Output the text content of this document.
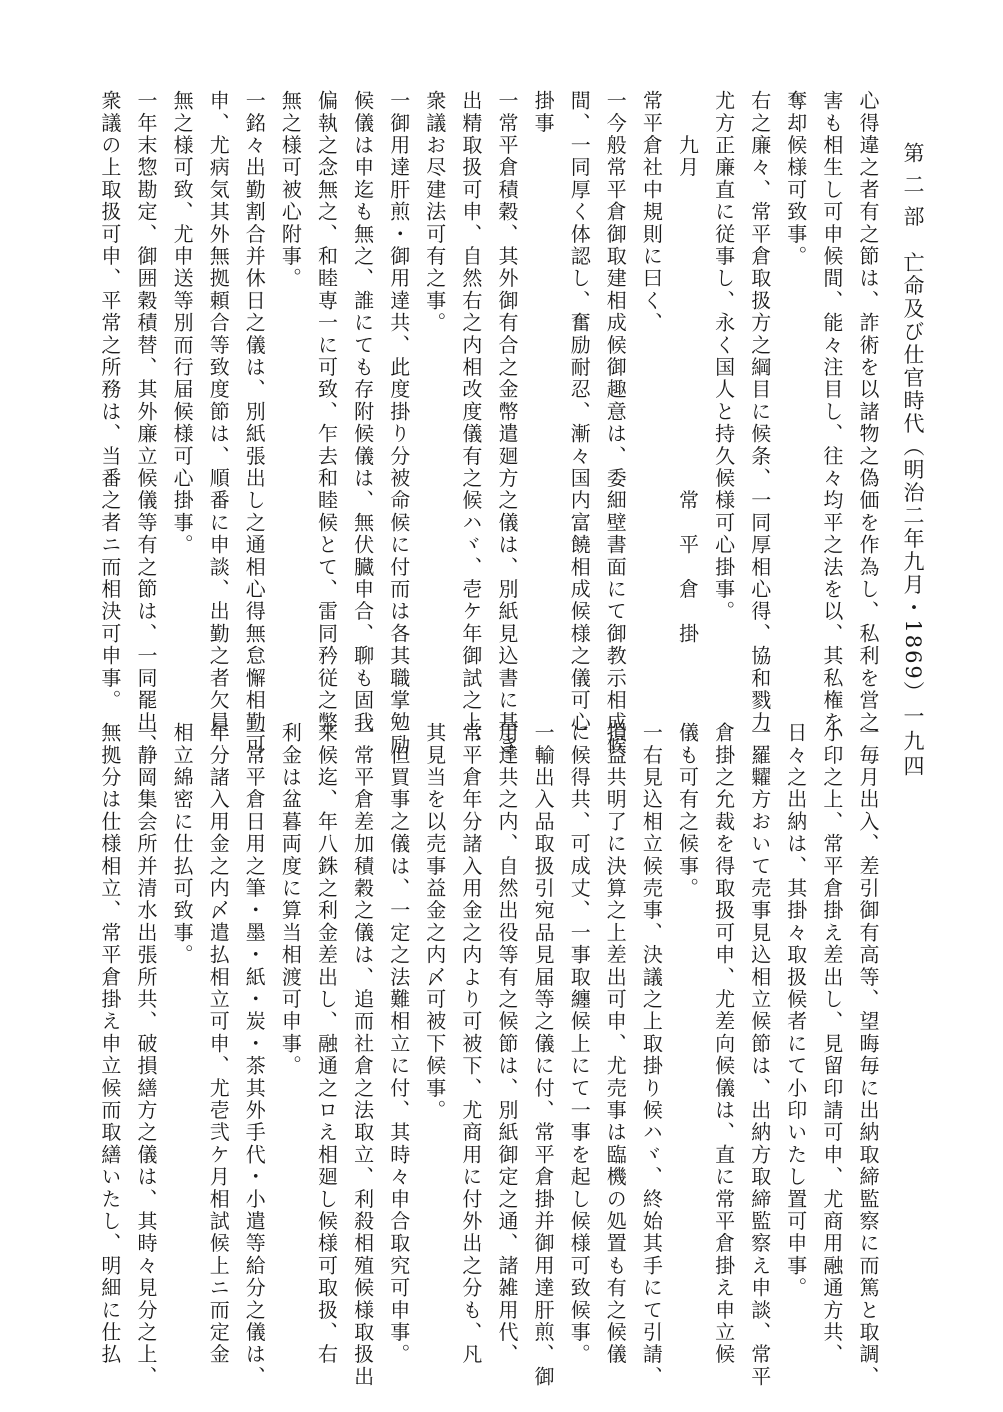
第 二 部　亡命及び仕官時代（明治二年九月・1869）
一九四
心得違之者有之節は、詐術を以諸物之偽価を作為し、私利を営之
害も相生し可申候間、能々注目し、往々均平之法を以、其私権を
奪却候様可致事。
右之廉々、常平倉取扱方之綱目に候条、一同厚相心得、協和戮力
尤方正廉直に従事し、永く国人と持久候様可心掛事。
　　九月　　　　　　　　　　　　　　常　平　倉　掛
常平倉社中規則に曰く、
一今般常平倉御取建相成候御趣意は、委細壁書面にて御教示相成候
間、一同厚く体認し、奮励耐忍、漸々国内富饒相成候様之儀可心
掛事
一常平倉積穀、其外御有合之金幣遣廻方之儀は、別紙見込書に基き
出精取扱可申、自然右之内相改度儀有之候ハヾ、壱ケ年御試之上、
衆議お尽建法可有之事。
一御用達肝煎・御用達共、此度掛り分被命候に付而は各其職掌勉励
候儀は申迄も無之、誰にても存附候儀は、無伏臓申合、聊も固我
偏執之念無之、和睦専一に可致、乍去和睦候とて、雷同矜従之弊
無之様可被心附事。
一銘々出勤割合并休日之儀は、別紙張出し之通相心得無怠懈相勤可
申、尤病気其外無拠頼合等致度節は、順番に申談、出勤之者欠員
無之様可致、尤申送等別而行届候様可心掛事。
一年末惣勘定、御囲穀積替、其外廉立候儀等有之節は、一同罷出、
衆議の上取扱可申、平常之所務は、当番之者ニ而相決可申事。
一毎月出入、差引御有高等、望晦毎に出納取締監察に而篤と取調、
小印之上、常平倉掛え差出し、見留印請可申、尤商用融通方共、
日々之出納は、其掛々取扱候者にて小印いたし置可申事。
一羅糶方おいて売事見込相立候節は、出納方取締監察え申談、常平
倉掛之允裁を得取扱可申、尤差向候儀は、直に常平倉掛え申立候
儀も可有之候事。
一右見込相立候売事、決議之上取掛り候ハヾ、終始其手にて引請、
損益共明了に決算之上差出可申、尤売事は臨機の処置も有之候儀
に候得共、可成丈、一事取纏候上にて一事を起し候様可致候事。
一輸出入品取扱引宛品見届等之儀に付、常平倉掛并御用達肝煎、御
用達共之内、自然出役等有之候節は、別紙御定之通、諸雑用代、
常平倉年分諸入用金之内より可被下、尤商用に付外出之分も、凡
其見当を以売事益金之内〆可被下候事。
　但買事之儀は、一定之法難相立に付、其時々申合取究可申事。
一常平倉差加積穀之儀は、追而社倉之法取立、利殺相殖候様取扱出
来候迄、年八銖之利金差出し、融通之ロえ相廻し候様可取扱、右
利金は盆暮両度に算当相渡可申事。
一常平倉日用之筆・墨・紙・炭・茶其外手代・小遣等給分之儀は、
年分諸入用金之内〆遣払相立可申、尤壱弐ケ月相試候上ニ而定金
相立綿密に仕払可致事。
一静岡集会所并清水出張所共、破損繕方之儀は、其時々見分之上、
無拠分は仕様相立、常平倉掛え申立候而取繕いたし、明細に仕払
